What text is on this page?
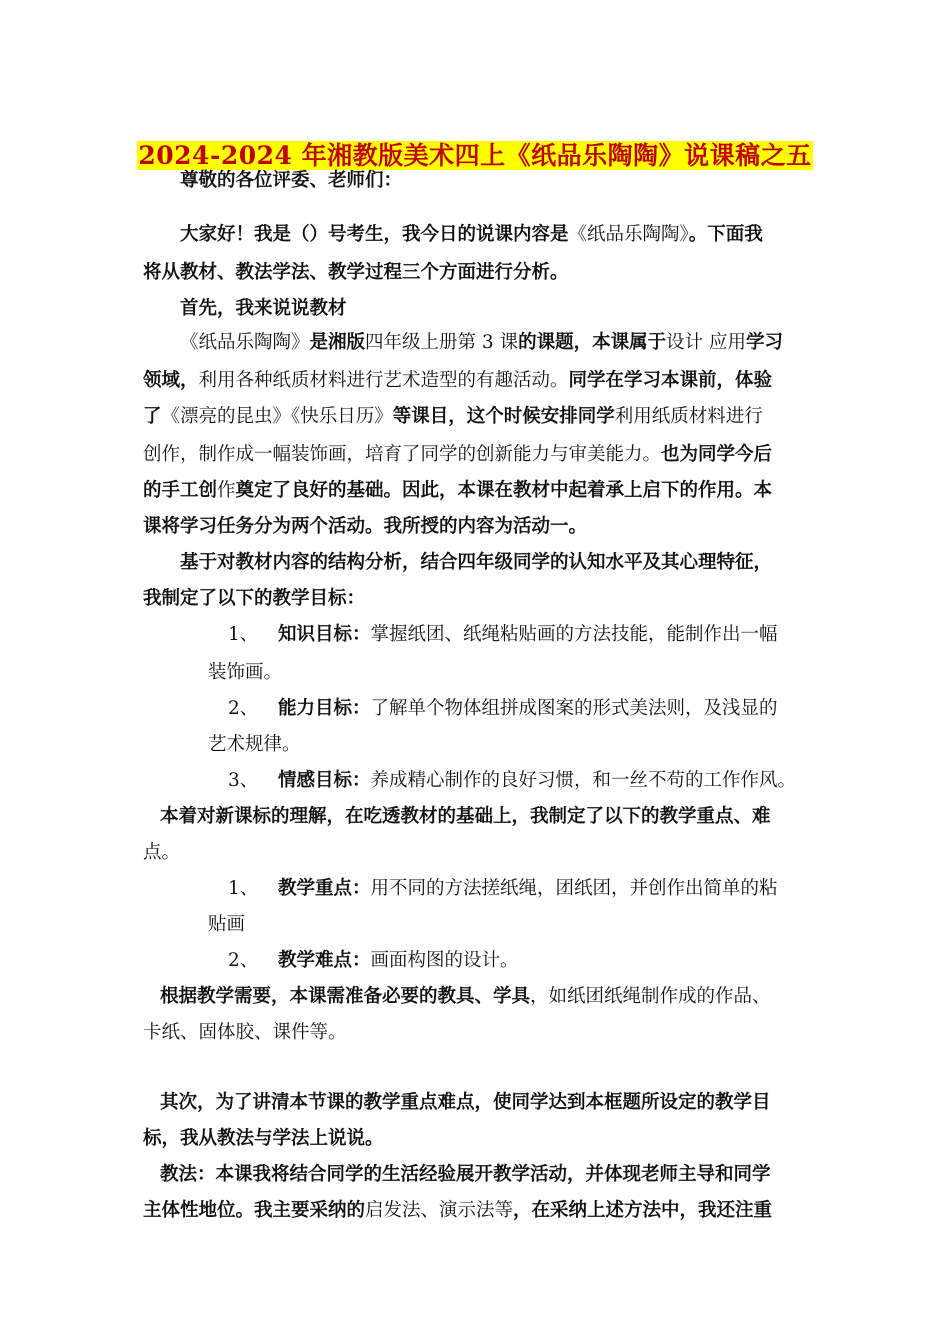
2024-2024 年湘教版美术四上《纸品乐陶陶》说课稿之五
尊敬的各位评委、老师们：
大家好！我是（）号考生，我今日的说课内容是《纸品乐陶陶》。下面我
将从教材、教法学法、教学过程三个方面进行分析。
首先，我来说说教材
《纸品乐陶陶》是湘版四年级上册第 3 课的课题，本课属于设计 应用学习
领域，利用各种纸质材料进行艺术造型的有趣活动。同学在学习本课前，体验
了《漂亮的昆虫》《快乐日历》等课目，这个时候安排同学利用纸质材料进行
创作，制作成一幅装饰画，培育了同学的创新能力与审美能力。也为同学今后
的手工创作奠定了良好的基础。因此，本课在教材中起着承上启下的作用。本
课将学习任务分为两个活动。我所授的内容为活动一。
基于对教材内容的结构分析，结合四年级同学的认知水平及其心理特征，
我制定了以下的教学目标：
1、 知识目标：掌握纸团、纸绳粘贴画的方法技能，能制作出一幅
装饰画。
2、 能力目标：了解单个物体组拼成图案的形式美法则，及浅显的
艺术规律。
3、 情感目标：养成精心制作的良好习惯，和一丝不苟的工作作风。
本着对新课标的理解，在吃透教材的基础上，我制定了以下的教学重点、难
点。
1、 教学重点：用不同的方法搓纸绳，团纸团，并创作出简单的粘
贴画
2、 教学难点：画面构图的设计。
根据教学需要，本课需准备必要的教具、学具，如纸团纸绳制作成的作品、
卡纸、固体胶、课件等。
其次，为了讲清本节课的教学重点难点，使同学达到本框题所设定的教学目
标，我从教法与学法上说说。
教法：本课我将结合同学的生活经验展开教学活动，并体现老师主导和同学
主体性地位。我主要采纳的启发法、演示法等，在采纳上述方法中，我还注重
